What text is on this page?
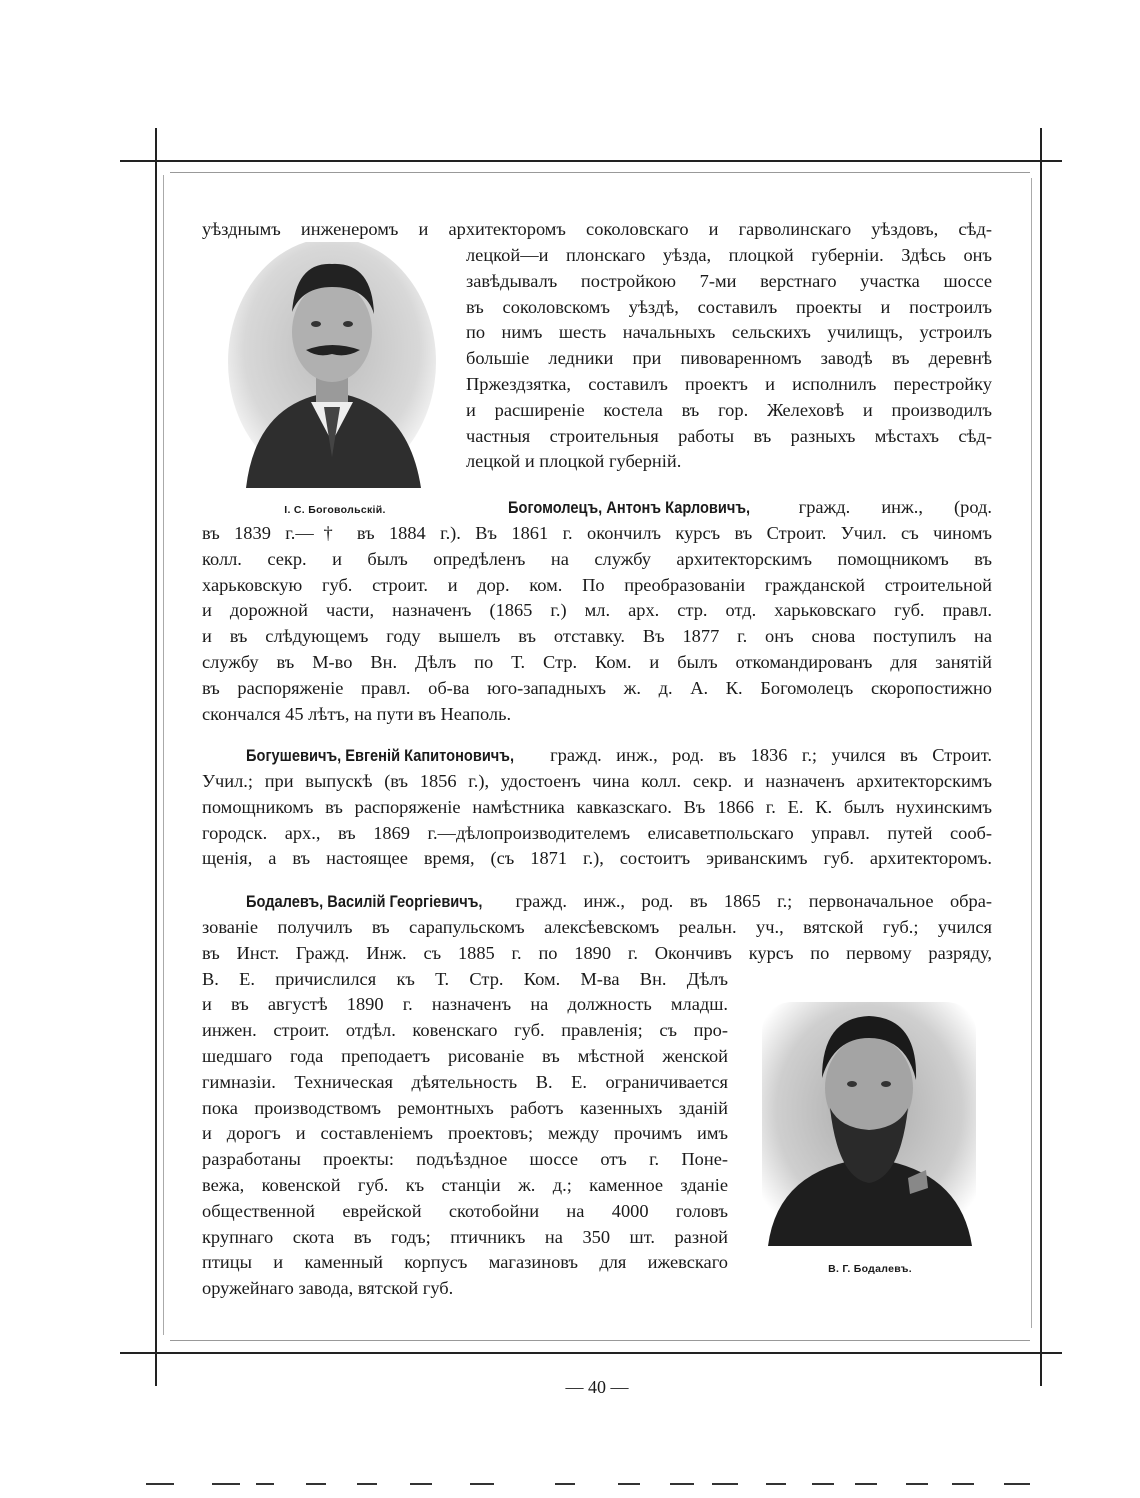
уѣзднымъ инженеромъ и архитекторомъ соколовскаго и гарволинскаго уѣздовъ, сѣд-
лецкой—и плонскаго уѣзда, плоцкой губерніи. Здѣсь онъ
завѣдывалъ постройкою 7-ми верстнаго участка шоссе
въ соколовскомъ уѣздѣ, составилъ проекты и построилъ
по нимъ шесть начальныхъ сельскихъ училищъ, устроилъ
большіе ледники при пивоваренномъ заводѣ въ деревнѣ
Пржездзятка, составилъ проектъ и исполнилъ перестройку
и расширеніе костела въ гор. Желеховѣ и производилъ
частныя строительныя работы въ разныхъ мѣстахъ сѣд-
лецкой и плоцкой губерній.
I. С. Боговольскій.	Богомолецъ, Антонъ Карловичъ, гражд. инж., (род.
въ 1839 г.—† въ 1884 г.). Въ 1861 г. окончилъ курсъ въ Строит. Учил. съ чиномъ
колл. секр. и былъ опредѣленъ на службу архитекторскимъ помощникомъ въ
харьковскую губ. строит. и дор. ком. По преобразованіи гражданской строительной
и дорожной части, назначенъ (1865 г.) мл. арх. стр. отд. харьковскаго губ. правл.
и въ слѣдующемъ году вышелъ въ отставку. Въ 1877 г. онъ снова поступилъ на
службу въ М-во Вн. Дѣлъ по Т. Стр. Ком. и былъ откомандированъ для занятій
въ распоряженіе правл. об-ва юго-западныхъ ж. д. А. К. Богомолецъ скоропостижно
скончался 45 лѣтъ, на пути въ Неаполь.
Богушевичъ, Евгеній Капитоновичъ, гражд. инж., род. въ 1836 г.; учился въ Строит.
Учил.; при выпускѣ (въ 1856 г.), удостоенъ чина колл. секр. и назначенъ архитекторскимъ
помощникомъ въ распоряженіе намѣстника кавказскаго. Въ 1866 г. Е. К. былъ нухинскимъ
городск. арх., въ 1869 г.—дѣлопроизводителемъ елисаветпольскаго управл. путей сооб-
щенія, а въ настоящее время, (съ 1871 г.), состоитъ эриванскимъ губ. архитекторомъ.
Бодалевъ, Василій Георгіевичъ, гражд. инж., род. въ 1865 г.; первоначальное обра-
зованіе получилъ въ сарапульскомъ алексѣевскомъ реальн. уч., вятской губ.; учился
въ Инст. Гражд. Инж. съ 1885 г. по 1890 г. Окончивъ курсъ по первому разряду,
В. Е. причислился къ Т. Стр. Ком. М-ва Вн. Дѣлъ
и въ августѣ 1890 г. назначенъ на должность младш.
инжен. строит. отдѣл. ковенскаго губ. правленія; съ про-
шедшаго года преподаетъ рисованіе въ мѣстной женской
гимназіи. Техническая дѣятельность В. Е. ограничивается
пока производствомъ ремонтныхъ работъ казенныхъ зданій
и дорогъ и составленіемъ проектовъ; между прочимъ имъ
разработаны проекты: подъѣздное шоссе отъ г. Поне-
вежа, ковенской губ. къ станціи ж. д.; каменное зданіе
общественной еврейской скотобойни на 4000 головъ
крупнаго скота въ годъ; птичникъ на 350 шт. разной
птицы и каменный корпусъ магазиновъ для ижевскаго
оружейнаго завода, вятской губ.
В. Г. Бодалевъ.
— 40 —
